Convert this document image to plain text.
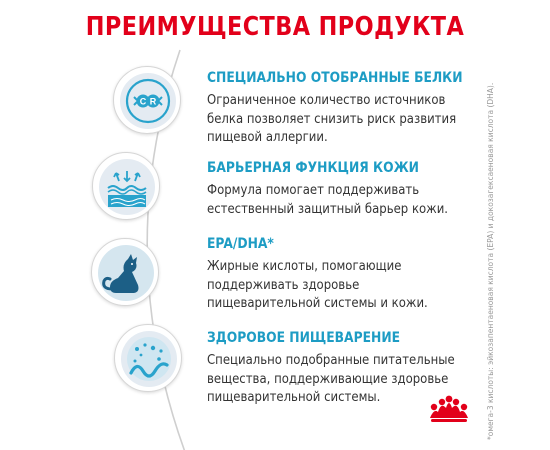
ПРЕИМУЩЕСТВА ПРОДУКТА
C R
СПЕЦИАЛЬНО ОТОБРАННЫЕ БЕЛКИ
Ограниченное количество источников
белка позволяет снизить риск развития
пищевой аллергии.
БАРЬЕРНАЯ ФУНКЦИЯ КОЖИ
Формула помогает поддерживать
естественный защитный барьер кожи.
EPA/DHA*
Жирные кислоты, помогающие
поддерживать здоровье
пищеварительной системы и кожи.
ЗДОРОВОЕ ПИЩЕВАРЕНИЕ
Специально подобранные питательные
вещества, поддерживающие здоровье
пищеварительной системы.	*омега-3 кислоты: эйкозапентаеновая кислота (EPA) и докозагексаеновая кислота (DHA).
